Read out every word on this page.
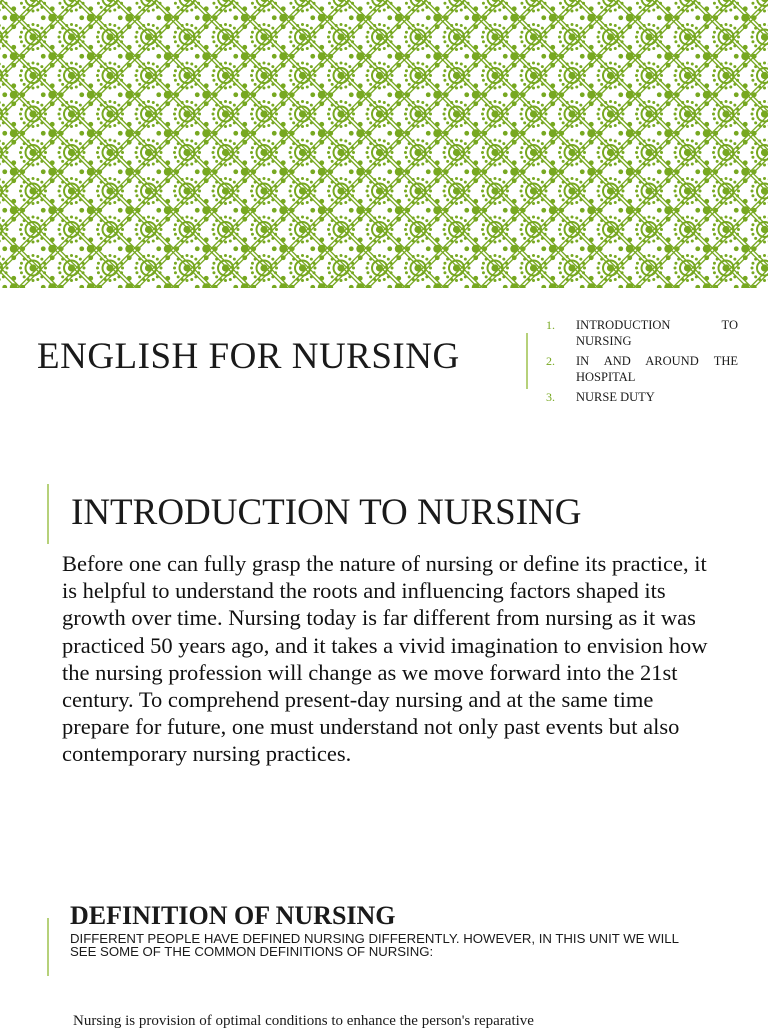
ENGLISH FOR NURSING
1. INTRODUCTION TO NURSING
2. IN AND AROUND THE HOSPITAL
3. NURSE DUTY
INTRODUCTION TO NURSING

Before one can fully grasp the nature of nursing or define its practice, it is helpful to understand the roots and influencing factors shaped its growth over time. Nursing today is far different from nursing as it was practiced 50 years ago, and it takes a vivid imagination to envision how the nursing profession will change as we move forward into the 21st century. To comprehend present-day nursing and at the same time prepare for future, one must understand not only past events but also contemporary nursing practices.

DEFINITION OF NURSING

DIFFERENT PEOPLE HAVE DEFINED NURSING DIFFERENTLY. HOWEVER, IN THIS UNIT WE WILL SEE SOME OF THE COMMON DEFINITIONS OF NURSING:

Nursing is provision of optimal conditions to enhance the person's reparative
